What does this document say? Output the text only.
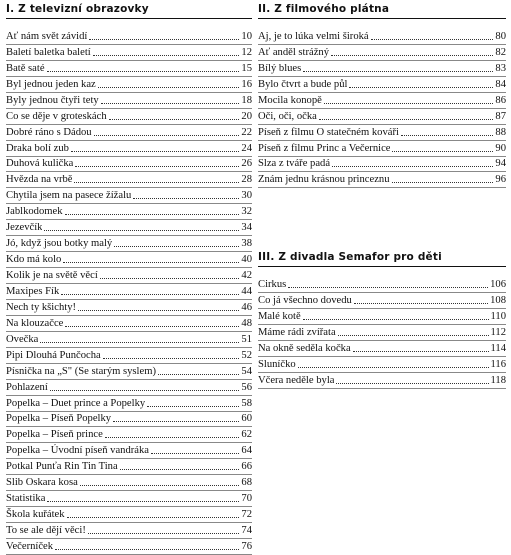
I. Z televizní obrazovky
Ať nám svět závidí	10
Baletí baletka baletí	12
Batě saté	15
Byl jednou jeden kaz	16
Byly jednou čtyři tety	18
Co se děje v groteskách	20
Dobré ráno s Dádou	22
Draka bolí zub	24
Duhová kulička	26
Hvězda na vrbě	28
Chytila jsem na pasece žížalu	30
Jablkodomek	32
Jezevčík	34
Jó, když jsou botky malý	38
Kdo má kolo	40
Kolik je na světě věcí	42
Maxipes Fík	44
Nech ty kšichty!	46
Na klouzačce	48
Ovečka	51
Pipi Dlouhá Punčocha	52
Písnička na „S" (Se starým syslem)	54
Pohlazení	56
Popelka – Duet prince a Popelky	58
Popelka – Píseň Popelky	60
Popelka – Píseň prince	62
Popelka – Úvodní píseň vandráka	64
Potkal Punťa Rin Tin Tina	66
Slib Oskara kosa	68
Statistika	70
Škola kuřátek	72
To se ale dějí věci!	74
Večerníček	76
II. Z filmového plátna
Aj, je to lúka velmi široká	80
Ať anděl strážný	82
Bílý blues	83
Bylo čtvrt a bude půl	84
Mocila konopě	86
Oči, oči, očka	87
Píseň z filmu O statečném kováři	88
Píseň z filmu Princ a Večernice	90
Slza z tváře padá	94
Znám jednu krásnou princeznu	96
III. Z divadla Semafor pro děti
Cirkus	106
Co já všechno dovedu	108
Malé kotě	110
Máme rádi zvířata	112
Na okně seděla kočka	114
Sluníčko	116
Včera neděle byla	118
